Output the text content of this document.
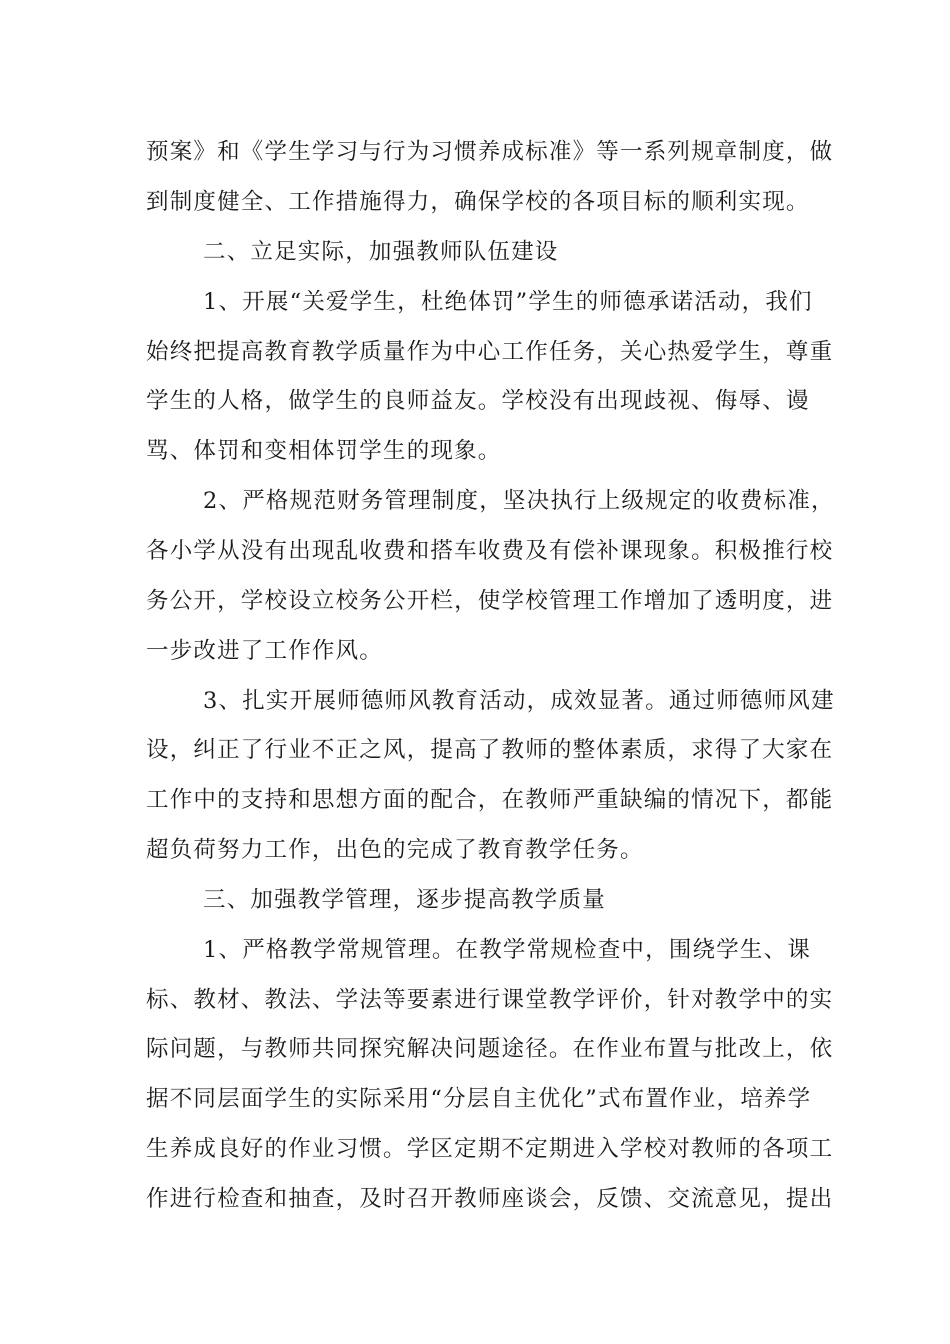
预案》和《学生学习与行为习惯养成标准》等一系列规章制度，做
到制度健全、工作措施得力，确保学校的各项目标的顺利实现。
二、立足实际，加强教师队伍建设
1、开展“关爱学生，杜绝体罚”学生的师德承诺活动，我们
始终把提高教育教学质量作为中心工作任务，关心热爱学生，尊重
学生的人格，做学生的良师益友。学校没有出现歧视、侮辱、谩
骂、体罚和变相体罚学生的现象。
2、严格规范财务管理制度，坚决执行上级规定的收费标准，
各小学从没有出现乱收费和搭车收费及有偿补课现象。积极推行校
务公开，学校设立校务公开栏，使学校管理工作增加了透明度，进
一步改进了工作作风。
3、扎实开展师德师风教育活动，成效显著。通过师德师风建
设，纠正了行业不正之风，提高了教师的整体素质，求得了大家在
工作中的支持和思想方面的配合，在教师严重缺编的情况下，都能
超负荷努力工作，出色的完成了教育教学任务。
三、加强教学管理，逐步提高教学质量
1、严格教学常规管理。在教学常规检查中，围绕学生、课
标、教材、教法、学法等要素进行课堂教学评价，针对教学中的实
际问题，与教师共同探究解决问题途径。在作业布置与批改上，依
据不同层面学生的实际采用“分层自主优化”式布置作业，培养学
生养成良好的作业习惯。学区定期不定期进入学校对教师的各项工
作进行检查和抽查，及时召开教师座谈会，反馈、交流意见，提出
